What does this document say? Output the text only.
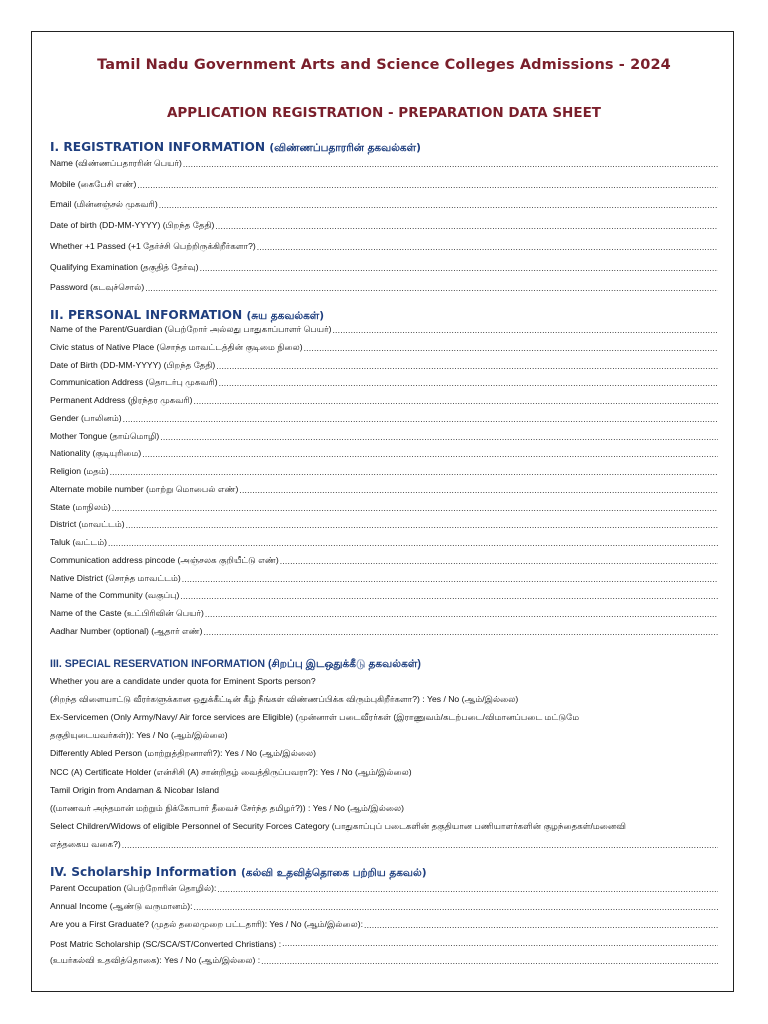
Tamil Nadu Government Arts and Science Colleges Admissions - 2024
APPLICATION REGISTRATION - PREPARATION DATA SHEET
I. REGISTRATION INFORMATION (விண்ணப்பதாரரின் தகவல்கள்)
Name (விண்ணப்பதாரரின் பெயர்)
.....
Mobile (கைபேசி எண்)
.....
Email (மின்னஞ்சல் முகவரி)
.....
Date of birth (DD-MM-YYYY) (பிறந்த தேதி)
.....
Whether +1 Passed (+1 தேர்ச்சி பெற்றிருக்கிறீர்களா?)
.....
Qualifying Examination (தகுதித் தேர்வு)
.....
Password (கடவுச்சொல்)
.....
II. PERSONAL INFORMATION (சுய தகவல்கள்)
Name of the Parent/Guardian (பெற்றோர் அல்லது பாதுகாப்பாளர் பெயர்)
.....
Civic status of Native Place (சொந்த மாவட்டத்தின் குடிமை நிலை)
.....
Date of Birth (DD-MM-YYYY) (பிறந்த தேதி)
.....
Communication Address (தொடர்பு முகவரி)
.....
Permanent Address (நிரந்தர முகவரி)
.....
Gender (பாலினம்)
.....
Mother Tongue (தாய்மொழி)
.....
Nationality (குடியுரிமை)
.....
Religion (மதம்)
.....
Alternate mobile number (மாற்று மொபைல் எண்)
.....
State (மாநிலம்)
.....
District (மாவட்டம்)
.....
Taluk (வட்டம்)
.....
Communication address pincode (அஞ்சலக குறியீட்டு எண்)
.....
Native District (சொந்த மாவட்டம்)
.....
Name of the Community (வகுப்பு)
.....
Name of the Caste (உட்பிரிவின் பெயர்)
.....
Aadhar Number (optional) (ஆதார் எண்)
.....
III. SPECIAL RESERVATION INFORMATION (சிறப்பு இடஒதுக்கீடு தகவல்கள்)
Whether you are a candidate under quota for Eminent Sports person?
(சிறந்த விளையாட்டு வீரர்களுக்கான ஒதுக்கீட்டின் கீழ் நீங்கள் விண்ணப்பிக்க விரும்புகிறீர்களா?) : Yes / No (ஆம்/இல்லை)
Ex-Servicemen (Only Army/Navy/ Air force services are Eligible) (முன்னாள் படைவீரர்கள் (இராணுவம்/கடற்படை/விமானப்படை மட்டுமே
தகுதியுடையவர்கள்)): Yes / No (ஆம்/இல்லை)
Differently Abled Person (மாற்றுத்திறனாளி?): Yes / No (ஆம்/இல்லை)
NCC (A) Certificate Holder (என்சிசி (A) சான்றிதழ் வைத்திருப்பவரா?): Yes / No (ஆம்/இல்லை)
Tamil Origin from Andaman & Nicobar Island
((மாணவர் அந்தமான் மற்றும் நிக்கோபார் தீவைச் சேர்ந்த தமிழர்?)) : Yes / No (ஆம்/இல்லை)
Select Children/Widows of eligible Personnel of Security Forces Category (பாதுகாப்புப் படைகளின் தகுதியான பணியாளர்களின் குழந்தைகள்/மனைவி
எத்தகைய வகை?)
.....
IV. Scholarship Information (கல்வி உதவித்தொகை பற்றிய தகவல்)
Parent Occupation (பெற்றோரின் தொழில்):
.....
Annual Income (ஆண்டு வருமானம்):
.....
Are you a First Graduate? (முதல் தலைமுறை பட்டதாரி): Yes / No (ஆம்/இல்லை):
.....
Post Matric Scholarship (SC/SCA/ST/Converted Christians) :
.....
(உயர்கல்வி உதவித்தொகை): Yes / No (ஆம்/இல்லை) :
.....
